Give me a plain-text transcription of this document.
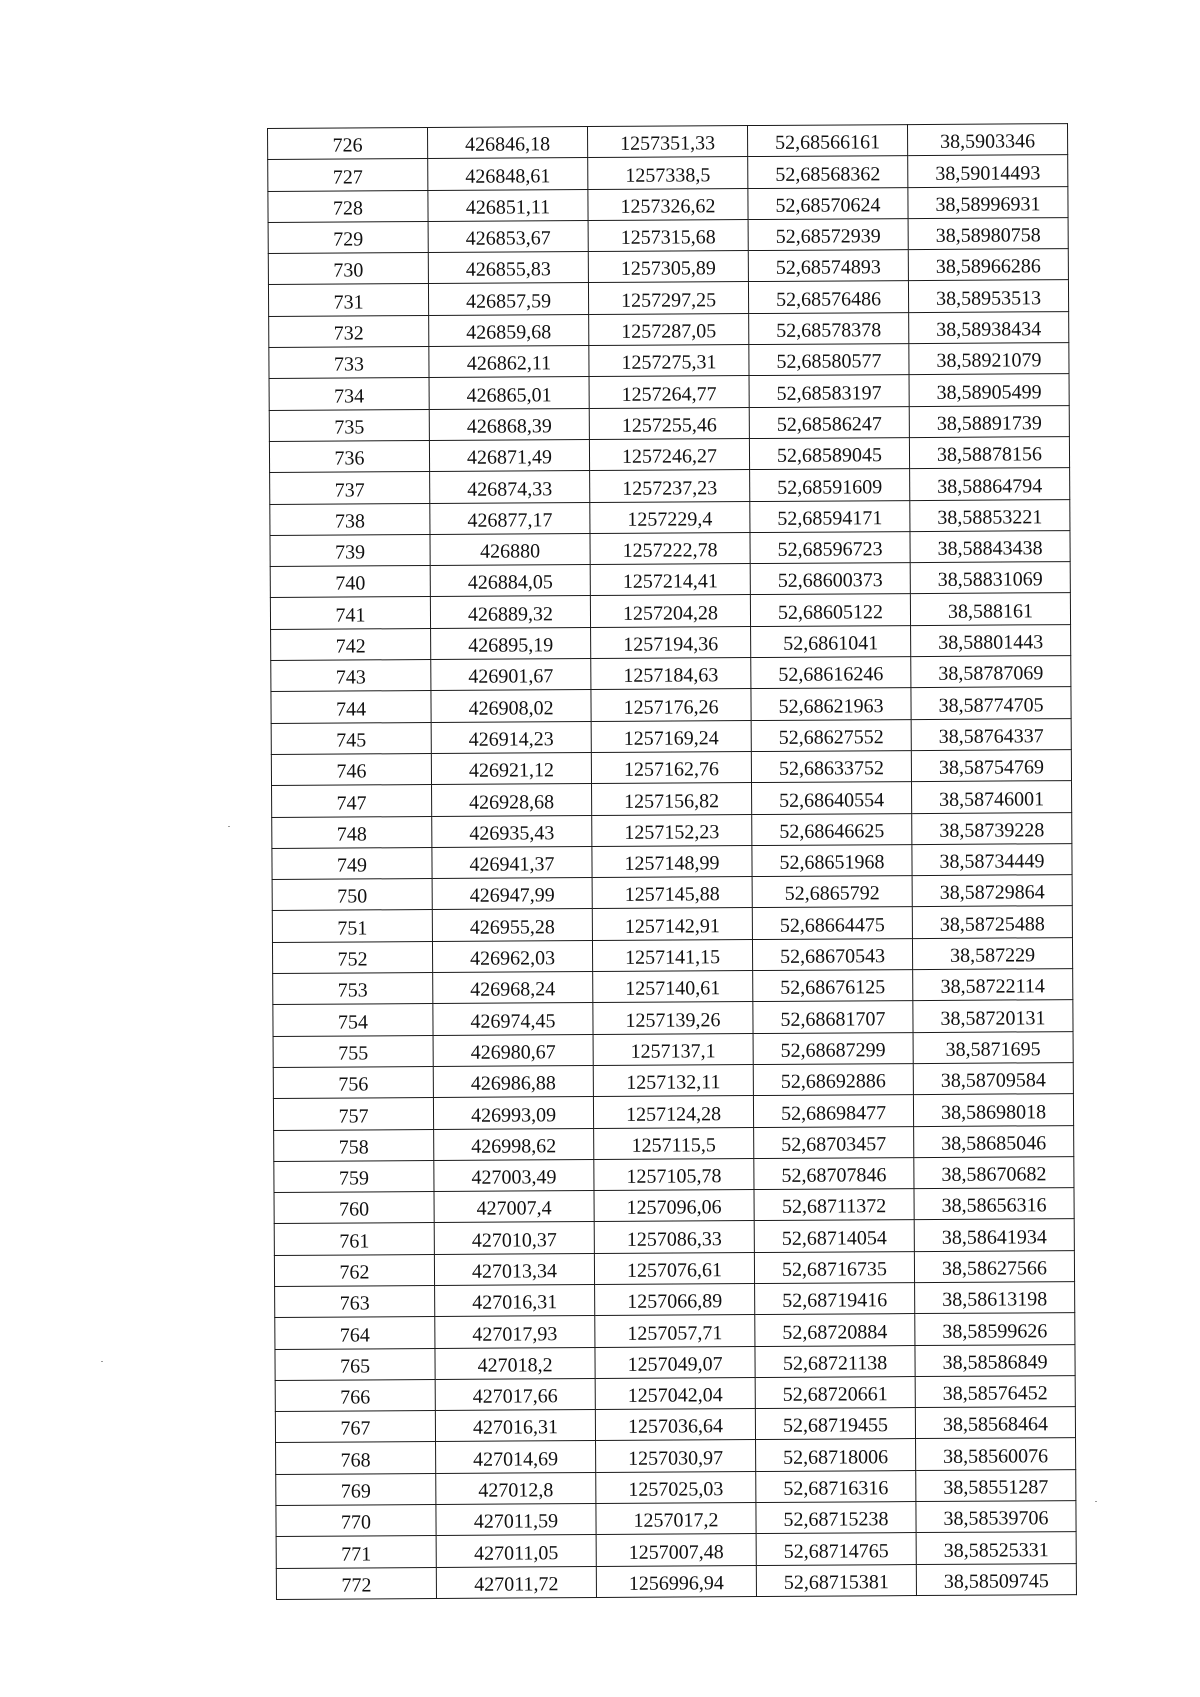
726	426846,18	1257351,33	52,68566161	38,5903346
727	426848,61	1257338,5	52,68568362	38,59014493
728	426851,11	1257326,62	52,68570624	38,58996931
729	426853,67	1257315,68	52,68572939	38,58980758
730	426855,83	1257305,89	52,68574893	38,58966286
731	426857,59	1257297,25	52,68576486	38,58953513
732	426859,68	1257287,05	52,68578378	38,58938434
733	426862,11	1257275,31	52,68580577	38,58921079
734	426865,01	1257264,77	52,68583197	38,58905499
735	426868,39	1257255,46	52,68586247	38,58891739
736	426871,49	1257246,27	52,68589045	38,58878156
737	426874,33	1257237,23	52,68591609	38,58864794
738	426877,17	1257229,4	52,68594171	38,58853221
739	426880	1257222,78	52,68596723	38,58843438
740	426884,05	1257214,41	52,68600373	38,58831069
741	426889,32	1257204,28	52,68605122	38,588161
742	426895,19	1257194,36	52,6861041	38,58801443
743	426901,67	1257184,63	52,68616246	38,58787069
744	426908,02	1257176,26	52,68621963	38,58774705
745	426914,23	1257169,24	52,68627552	38,58764337
746	426921,12	1257162,76	52,68633752	38,58754769
747	426928,68	1257156,82	52,68640554	38,58746001
748	426935,43	1257152,23	52,68646625	38,58739228
749	426941,37	1257148,99	52,68651968	38,58734449
750	426947,99	1257145,88	52,6865792	38,58729864
751	426955,28	1257142,91	52,68664475	38,58725488
752	426962,03	1257141,15	52,68670543	38,587229
753	426968,24	1257140,61	52,68676125	38,58722114
754	426974,45	1257139,26	52,68681707	38,58720131
755	426980,67	1257137,1	52,68687299	38,5871695
756	426986,88	1257132,11	52,68692886	38,58709584
757	426993,09	1257124,28	52,68698477	38,58698018
758	426998,62	1257115,5	52,68703457	38,58685046
759	427003,49	1257105,78	52,68707846	38,58670682
760	427007,4	1257096,06	52,68711372	38,58656316
761	427010,37	1257086,33	52,68714054	38,58641934
762	427013,34	1257076,61	52,68716735	38,58627566
763	427016,31	1257066,89	52,68719416	38,58613198
764	427017,93	1257057,71	52,68720884	38,58599626
765	427018,2	1257049,07	52,68721138	38,58586849
766	427017,66	1257042,04	52,68720661	38,58576452
767	427016,31	1257036,64	52,68719455	38,58568464
768	427014,69	1257030,97	52,68718006	38,58560076
769	427012,8	1257025,03	52,68716316	38,58551287
770	427011,59	1257017,2	52,68715238	38,58539706
771	427011,05	1257007,48	52,68714765	38,58525331
772	427011,72	1256996,94	52,68715381	38,58509745
